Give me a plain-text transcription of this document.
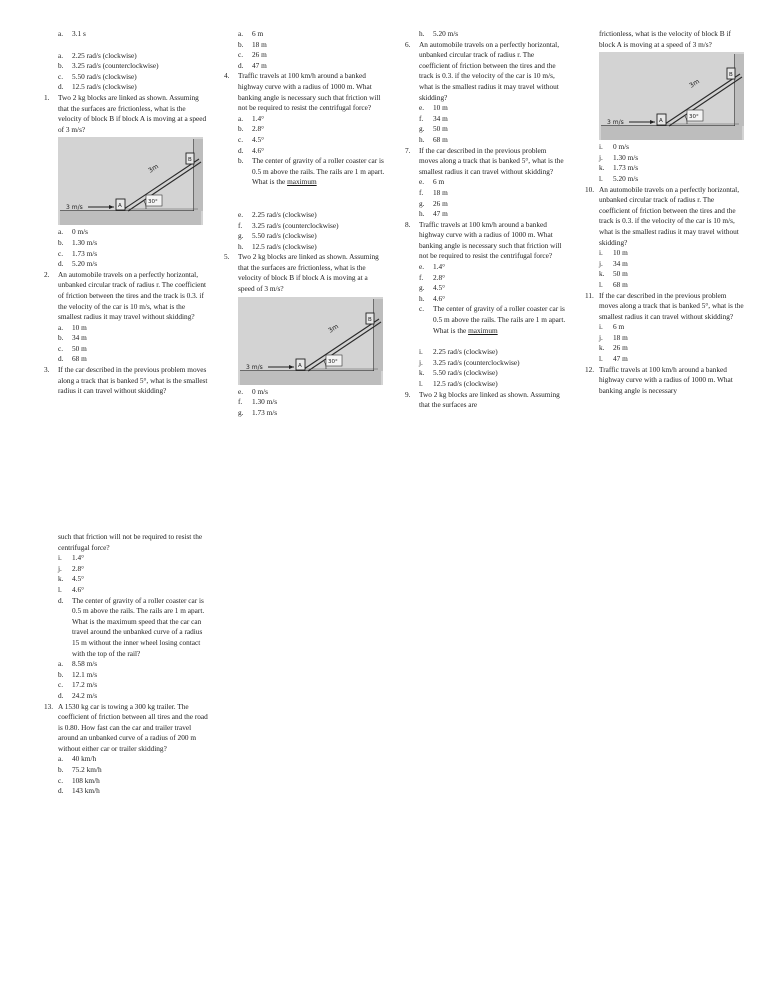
a. 3.1 s
a. 2.25 rad/s (clockwise)
b. 3.25 rad/s (counterclockwise)
c. 5.50 rad/s (clockwise)
d. 12.5 rad/s (clockwise)
1. Two 2 kg blocks are linked as shown. Assuming that the surfaces are frictionless, what is the velocity of block B if block A is moving at a speed of 3 m/s?
3m
3 m/s
30°
A
B
a. 0 m/s
b. 1.30 m/s
c. 1.73 m/s
d. 5.20 m/s
2. An automobile travels on a perfectly horizontal, unbanked circular track of radius r. The coefficient of friction between the tires and the track is 0.3. if the velocity of the car is 10 m/s, what is the smallest radius it may travel without skidding?
a. 10 m
b. 34 m
c. 50 m
d. 68 m
3. If the car described in the previous problem moves along a track that is banked 5°, what is the smallest radius it can travel without skidding?
such that friction will not be required to resist the centrifugal force?
i. 1.4°
j. 2.8°
k. 4.5°
l. 4.6°
d. The center of gravity of a roller coaster car is 0.5 m above the rails. The rails are 1 m apart. What is the maximum speed that the car can travel around the unbanked curve of a radius 15 m without the inner wheel losing contact with the top of the rail?
a. 8.58 m/s
b. 12.1 m/s
c. 17.2 m/s
d. 24.2 m/s
13. A 1530 kg car is towing a 300 kg trailer. The coefficient of friction between all tires and the road is 0.80. How fast can the car and trailer travel around an unbanked curve of a radius of 200 m without either car or trailer skidding?
a. 40 km/h
b. 75.2 km/h
c. 108 km/h
d. 143 km/h
a. 6 m
b. 18 m
c. 26 m
d. 47 m
4. Traffic travels at 100 km/h around a banked highway curve with a radius of 1000 m. What banking angle is necessary such that friction will not be required to resist the centrifugal force?
a. 1.4°
b. 2.8°
c. 4.5°
d. 4.6°
b. The center of gravity of a roller coaster car is 0.5 m above the rails. The rails are 1 m apart. What is the maximum
e. 2.25 rad/s (clockwise)
f. 3.25 rad/s (counterclockwise)
g. 5.50 rad/s (clockwise)
h. 12.5 rad/s (clockwise)
5. Two 2 kg blocks are linked as shown. Assuming that the surfaces are frictionless, what is the velocity of block B if block A is moving at a speed of 3 m/s?
3m
3 m/s
30°
A
B
e. 0 m/s
f. 1.30 m/s
g. 1.73 m/s
h. 5.20 m/s
6. An automobile travels on a perfectly horizontal, unbanked circular track of radius r. The coefficient of friction between the tires and the track is 0.3. if the velocity of the car is 10 m/s, what is the smallest radius it may travel without skidding?
e. 10 m
f. 34 m
g. 50 m
h. 68 m
7. If the car described in the previous problem moves along a track that is banked 5°, what is the smallest radius it can travel without skidding?
e. 6 m
f. 18 m
g. 26 m
h. 47 m
8. Traffic travels at 100 km/h around a banked highway curve with a radius of 1000 m. What banking angle is necessary such that friction will not be required to resist the centrifugal force?
e. 1.4°
f. 2.8°
g. 4.5°
h. 4.6°
c. The center of gravity of a roller coaster car is 0.5 m above the rails. The rails are 1 m apart. What is the maximum
i. 2.25 rad/s (clockwise)
j. 3.25 rad/s (counterclockwise)
k. 5.50 rad/s (clockwise)
l. 12.5 rad/s (clockwise)
9. Two 2 kg blocks are linked as shown. Assuming that the surfaces are
frictionless, what is the velocity of block B if block A is moving at a speed of 3 m/s?
3m
3 m/s
30°
A
B
i. 0 m/s
j. 1.30 m/s
k. 1.73 m/s
l. 5.20 m/s
10. An automobile travels on a perfectly horizontal, unbanked circular track of radius r. The coefficient of friction between the tires and the track is 0.3. if the velocity of the car is 10 m/s, what is the smallest radius it may travel without skidding?
i. 10 m
j. 34 m
k. 50 m
l. 68 m
11. If the car described in the previous problem moves along a track that is banked 5°, what is the smallest radius it can travel without skidding?
i. 6 m
j. 18 m
k. 26 m
l. 47 m
12. Traffic travels at 100 km/h around a banked highway curve with a radius of 1000 m. What banking angle is necessary
